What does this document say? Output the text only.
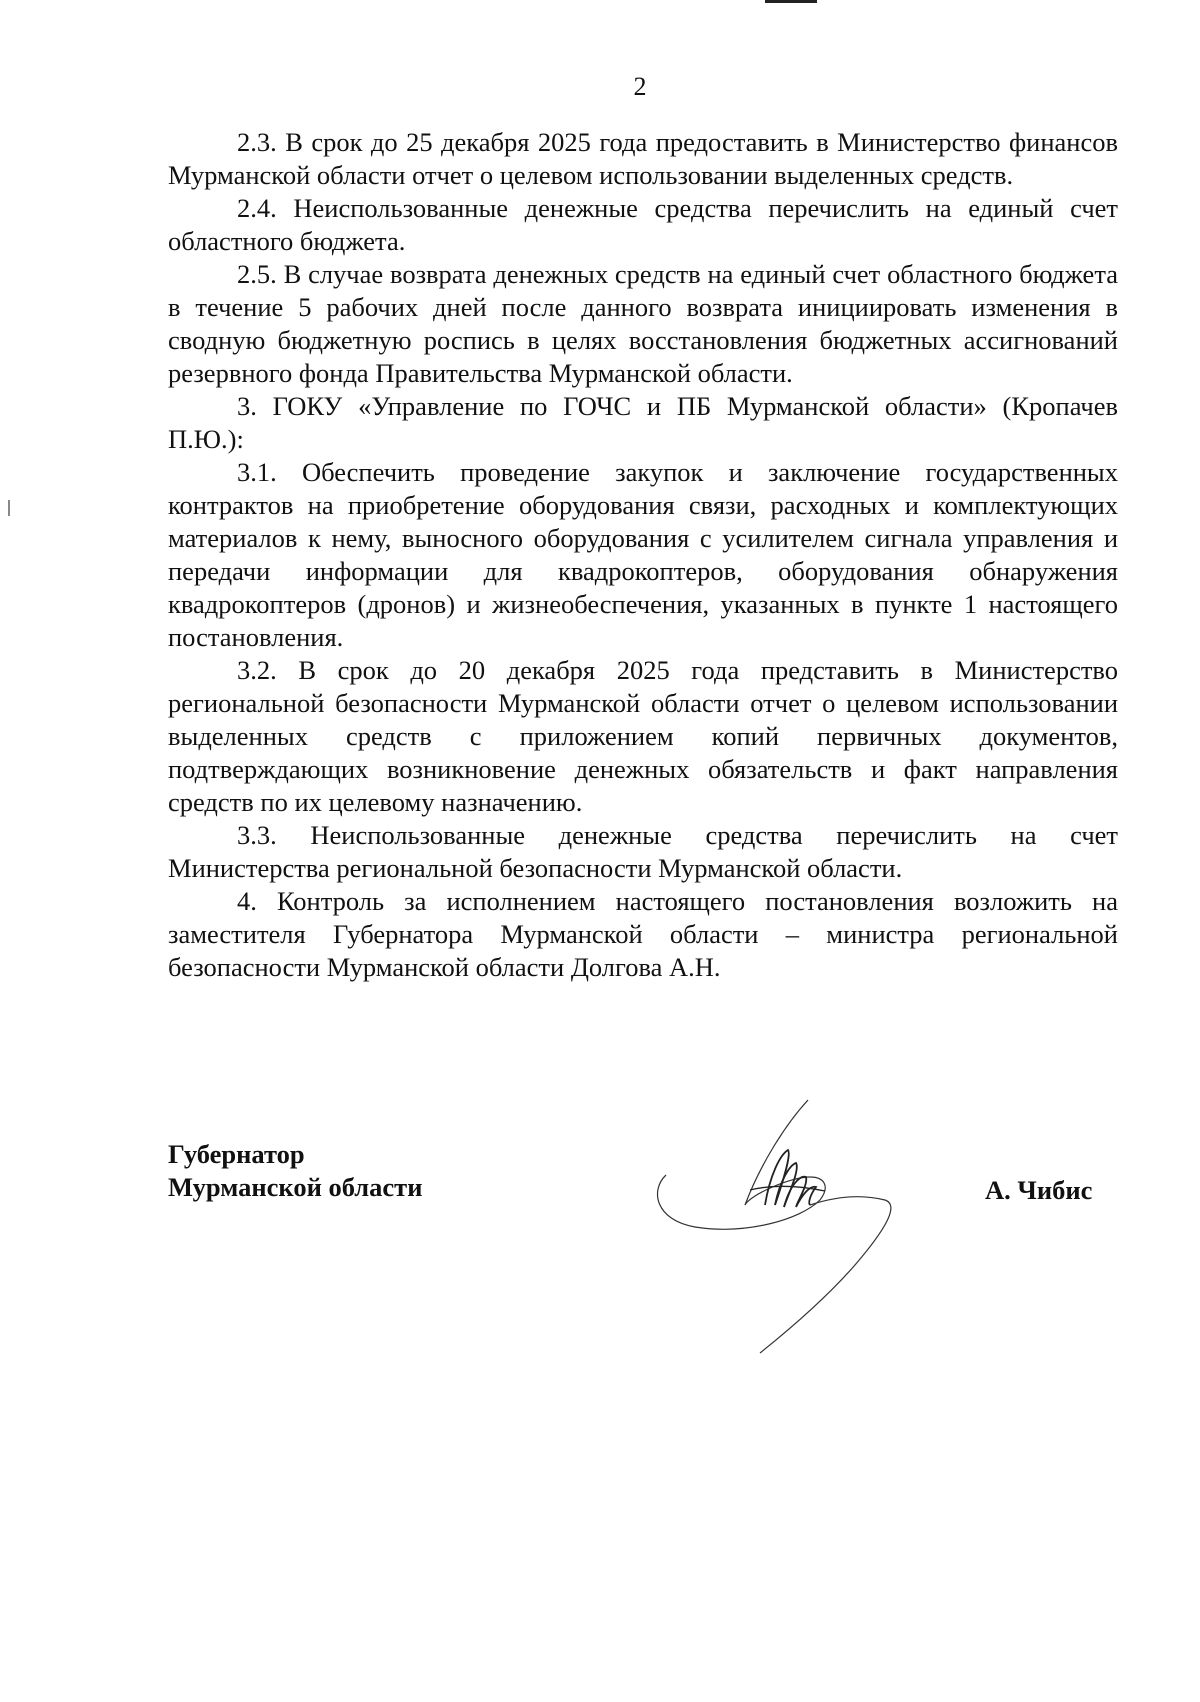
2

2.3. В срок до 25 декабря 2025 года предоставить в Министерство финансов Мурманской области отчет о целевом использовании выделенных средств.

2.4. Неиспользованные денежные средства перечислить на единый счет областного бюджета.

2.5. В случае возврата денежных средств на единый счет областного бюджета в течение 5 рабочих дней после данного возврата инициировать изменения в сводную бюджетную роспись в целях восстановления бюджетных ассигнований резервного фонда Правительства Мурманской области.

3. ГОКУ «Управление по ГОЧС и ПБ Мурманской области» (Кропачев П.Ю.):

3.1. Обеспечить проведение закупок и заключение государственных контрактов на приобретение оборудования связи, расходных и комплектующих материалов к нему, выносного оборудования с усилителем сигнала управления и передачи информации для квадрокоптеров, оборудования обнаружения квадрокоптеров (дронов) и жизнеобеспечения, указанных в пункте 1 настоящего постановления.

3.2. В срок до 20 декабря 2025 года представить в Министерство региональной безопасности Мурманской области отчет о целевом использовании выделенных средств с приложением копий первичных документов, подтверждающих возникновение денежных обязательств и факт направления средств по их целевому назначению.

3.3. Неиспользованные денежные средства перечислить на счет Министерства региональной безопасности Мурманской области.

4. Контроль за исполнением настоящего постановления возложить на заместителя Губернатора Мурманской области – министра региональной безопасности Мурманской области Долгова А.Н.

Губернатор
Мурманской области	А. Чибис
